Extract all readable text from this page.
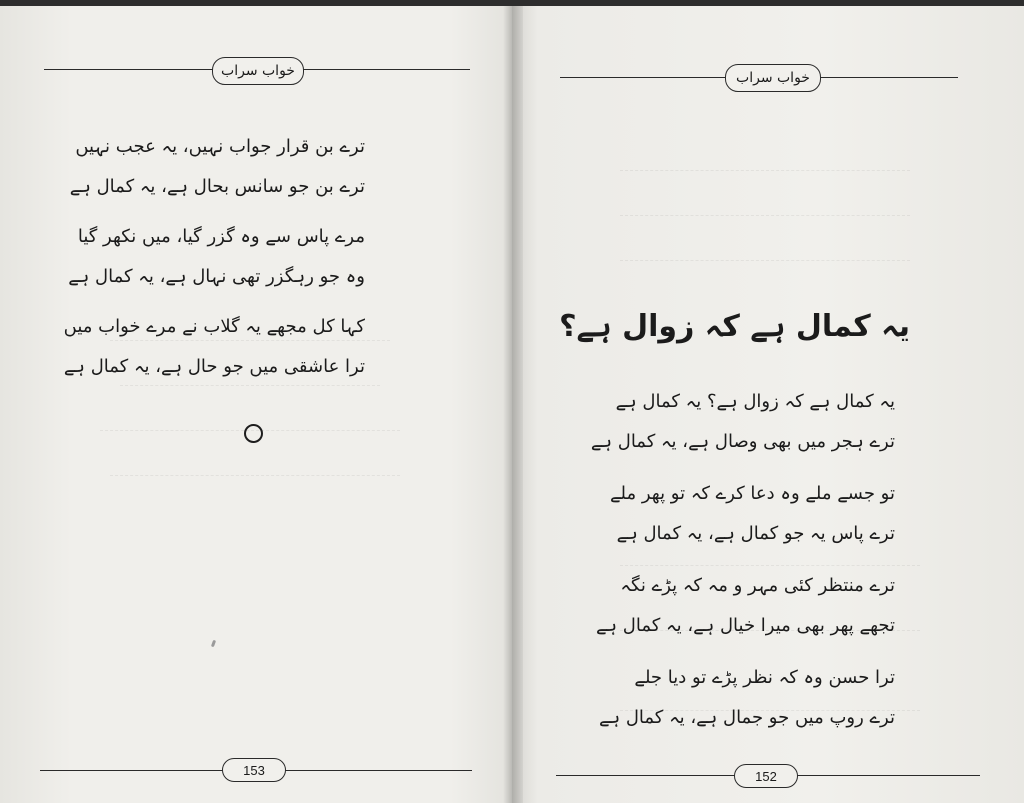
خواب سراب
ترے بن قرار جواب نہیں، یہ عجب نہیں
ترے بن جو سانس بحال ہے، یہ کمال ہے
مرے پاس سے وہ گزر گیا، میں نکھر گیا
وہ جو رہگزر تھی نہال ہے، یہ کمال ہے
کہا کل مجھے یہ گلاب نے مرے خواب میں
ترا عاشقی میں جو حال ہے، یہ کمال ہے
153
خواب سراب
یہ کمال ہے کہ زوال ہے؟
یہ کمال ہے کہ زوال ہے؟ یہ کمال ہے
ترے ہجر میں بھی وصال ہے، یہ کمال ہے
تو جسے ملے وہ دعا کرے کہ تو پھر ملے
ترے پاس یہ جو کمال ہے، یہ کمال ہے
ترے منتظر کئی مہر و مہ کہ پڑے نگہ
تجھے پھر بھی میرا خیال ہے، یہ کمال ہے
ترا حسن وہ کہ نظر پڑے تو دیا جلے
ترے روپ میں جو جمال ہے، یہ کمال ہے
152
